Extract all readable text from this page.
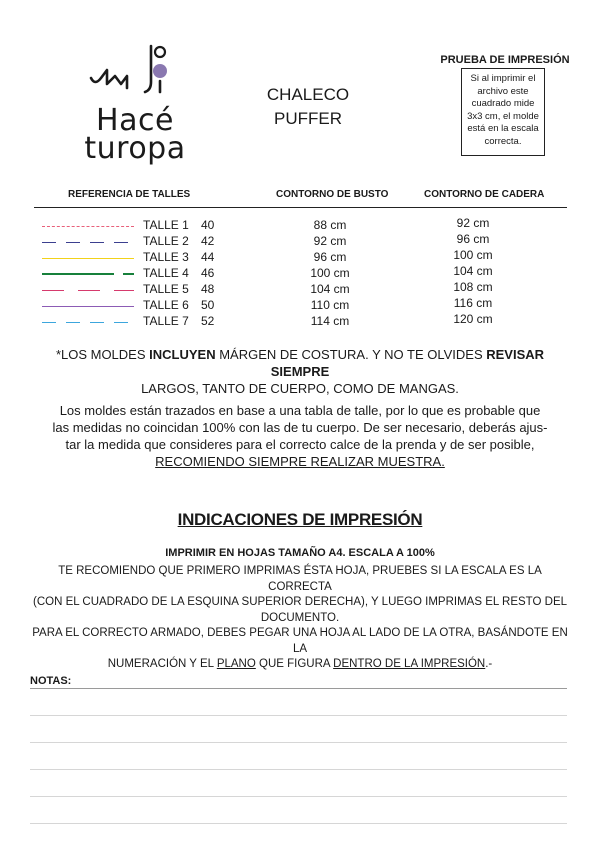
Hacé
turopa
CHALECO
PUFFER
PRUEBA DE IMPRESIÓN
Si al imprimir el
archivo este
cuadrado mide
3x3 cm, el molde
está en la escala
correcta.
REFERENCIA DE TALLES	CONTORNO DE BUSTO	CONTORNO DE CADERA
TALLE 1 40	88 cm	92 cm
TALLE 2 42	92 cm	96 cm
TALLE 3 44	96 cm	100 cm
TALLE 4 46	100 cm	104 cm
TALLE 5 48	104 cm	108 cm
TALLE 6 50	110 cm	116 cm
TALLE 7 52	114 cm	120 cm
*LOS MOLDES INCLUYEN MÁRGEN DE COSTURA. Y NO TE OLVIDES REVISAR SIEMPRE
LARGOS, TANTO DE CUERPO, COMO DE MANGAS.
Los moldes están trazados en base a una tabla de talle, por lo que es probable que
las medidas no coincidan 100% con las de tu cuerpo. De ser necesario, deberás ajus-
tar la medida que consideres para el correcto calce de la prenda y de ser posible,
RECOMIENDO SIEMPRE REALIZAR MUESTRA.
INDICACIONES DE IMPRESIÓN
IMPRIMIR EN HOJAS TAMAÑO A4. ESCALA A 100%
TE RECOMIENDO QUE PRIMERO IMPRIMAS ÉSTA HOJA, PRUEBES SI LA ESCALA ES LA CORRECTA
(CON EL CUADRADO DE LA ESQUINA SUPERIOR DERECHA), Y LUEGO IMPRIMAS EL RESTO DEL
DOCUMENTO.
PARA EL CORRECTO ARMADO, DEBES PEGAR UNA HOJA AL LADO DE LA OTRA, BASÁNDOTE EN LA
NUMERACIÓN Y EL PLANO QUE FIGURA DENTRO DE LA IMPRESIÓN.-
NOTAS:
